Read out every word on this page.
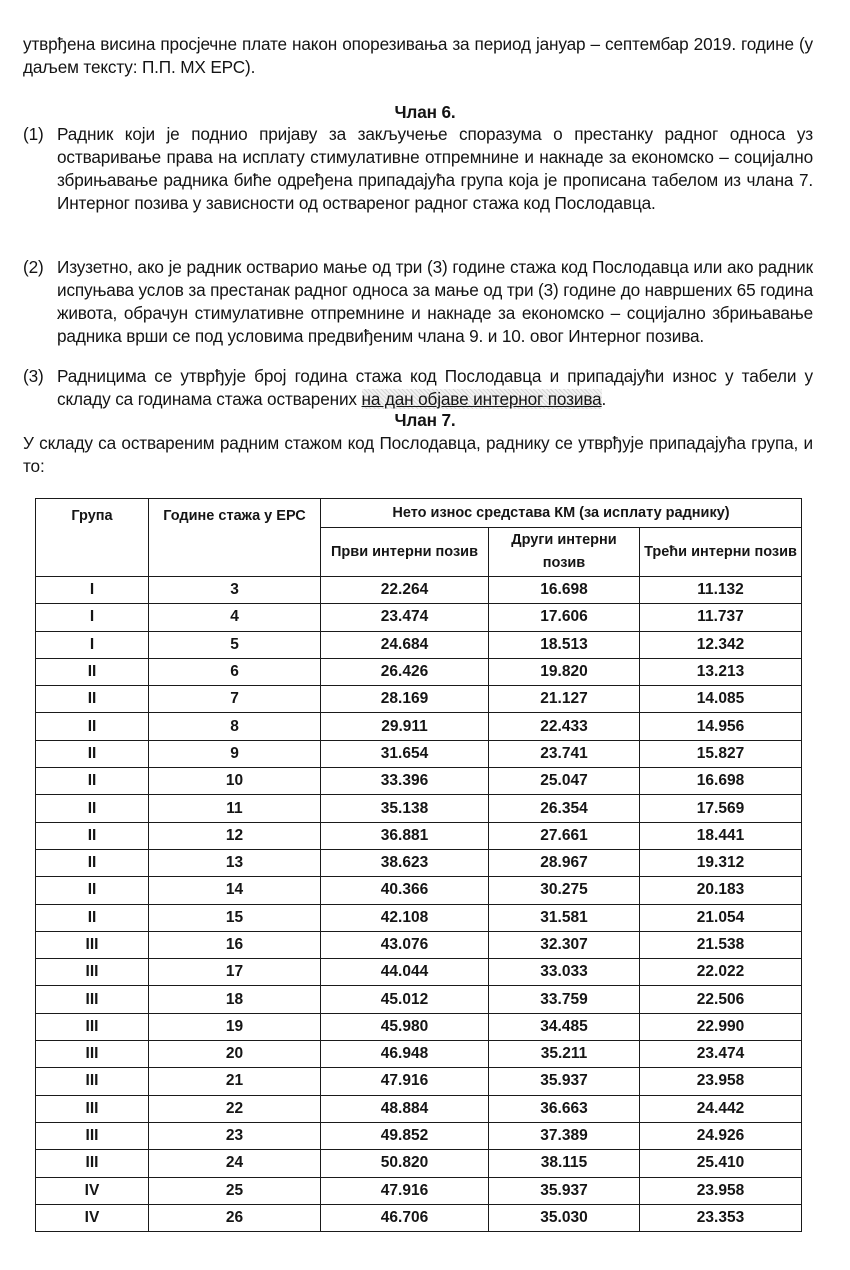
утврђена висина просјечне плате након опорезивања за период јануар – септембар 2019. године (у даљем тексту: П.П. МХ ЕРС).
Члан 6.
(1) Радник који је поднио пријаву за закључење споразума о престанку радног односа уз остваривање права на исплату стимулативне отпремнине и накнаде за економско – социјално збрињавање радника биће одређена припадајућа група која је прописана табелом из члана 7. Интерног позива у зависности од оствареног радног стажа код Послодавца.
(2) Изузетно, ако је радник остварио мање од три (3) године стажа код Послодавца или ако радник испуњава услов за престанак радног односа за мање од три (3) године до навршених 65 година живота, обрачун стимулативне отпремнине и накнаде за економско – социјално збрињавање радника врши се под условима предвиђеним члана 9. и 10. овог Интерног позива.
(3) Радницима се утврђује број година стажа код Послодавца и припадајући износ у табели у складу са годинама стажа остварених на дан објаве интерног позива.
Члан 7.
У складу са оствареним радним стажом код Послодавца, раднику се утврђује припадајућа група, и то:
Група	Године стажа у ЕРС	Нето износ средстава КМ (за исплату раднику)		
		Први интерни позив	Други интерни позив	Трећи интерни позив
I	3	22.264	16.698	11.132
I	4	23.474	17.606	11.737
I	5	24.684	18.513	12.342
II	6	26.426	19.820	13.213
II	7	28.169	21.127	14.085
II	8	29.911	22.433	14.956
II	9	31.654	23.741	15.827
II	10	33.396	25.047	16.698
II	11	35.138	26.354	17.569
II	12	36.881	27.661	18.441
II	13	38.623	28.967	19.312
II	14	40.366	30.275	20.183
II	15	42.108	31.581	21.054
III	16	43.076	32.307	21.538
III	17	44.044	33.033	22.022
III	18	45.012	33.759	22.506
III	19	45.980	34.485	22.990
III	20	46.948	35.211	23.474
III	21	47.916	35.937	23.958
III	22	48.884	36.663	24.442
III	23	49.852	37.389	24.926
III	24	50.820	38.115	25.410
IV	25	47.916	35.937	23.958
IV	26	46.706	35.030	23.353
